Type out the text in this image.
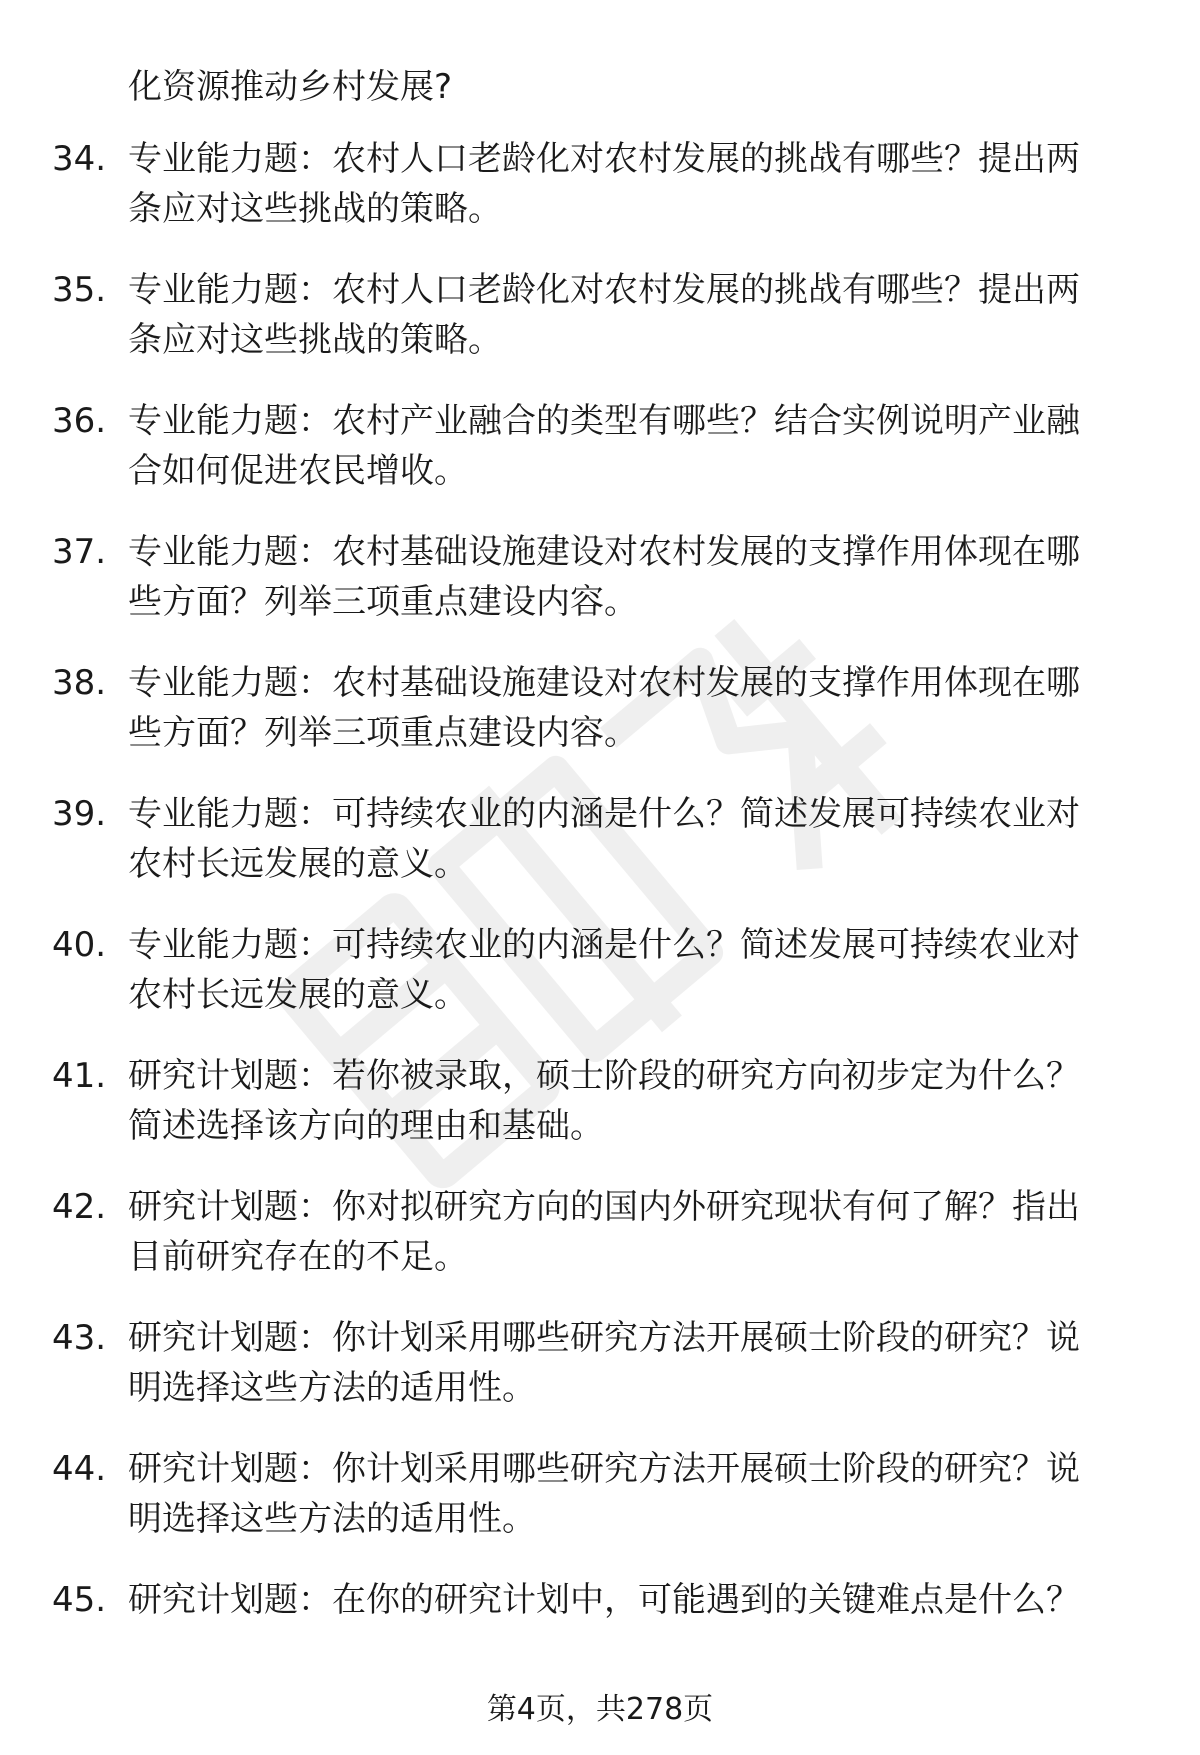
化资源推动乡村发展?
34. 专业能力题：农村人口老龄化对农村发展的挑战有哪些？提出两
条应对这些挑战的策略。
35. 专业能力题：农村人口老龄化对农村发展的挑战有哪些？提出两
条应对这些挑战的策略。
36. 专业能力题：农村产业融合的类型有哪些？结合实例说明产业融
合如何促进农民增收。
37. 专业能力题：农村基础设施建设对农村发展的支撑作用体现在哪
些方面？列举三项重点建设内容。
38. 专业能力题：农村基础设施建设对农村发展的支撑作用体现在哪
些方面？列举三项重点建设内容。
39. 专业能力题：可持续农业的内涵是什么？简述发展可持续农业对
农村长远发展的意义。
40. 专业能力题：可持续农业的内涵是什么？简述发展可持续农业对
农村长远发展的意义。
41. 研究计划题：若你被录取，硕士阶段的研究方向初步定为什么？
简述选择该方向的理由和基础。
42. 研究计划题：你对拟研究方向的国内外研究现状有何了解？指出
目前研究存在的不足。
43. 研究计划题：你计划采用哪些研究方法开展硕士阶段的研究？说
明选择这些方法的适用性。
44. 研究计划题：你计划采用哪些研究方法开展硕士阶段的研究？说
明选择这些方法的适用性。
45. 研究计划题：在你的研究计划中，可能遇到的关键难点是什么？
第4页，共278页
